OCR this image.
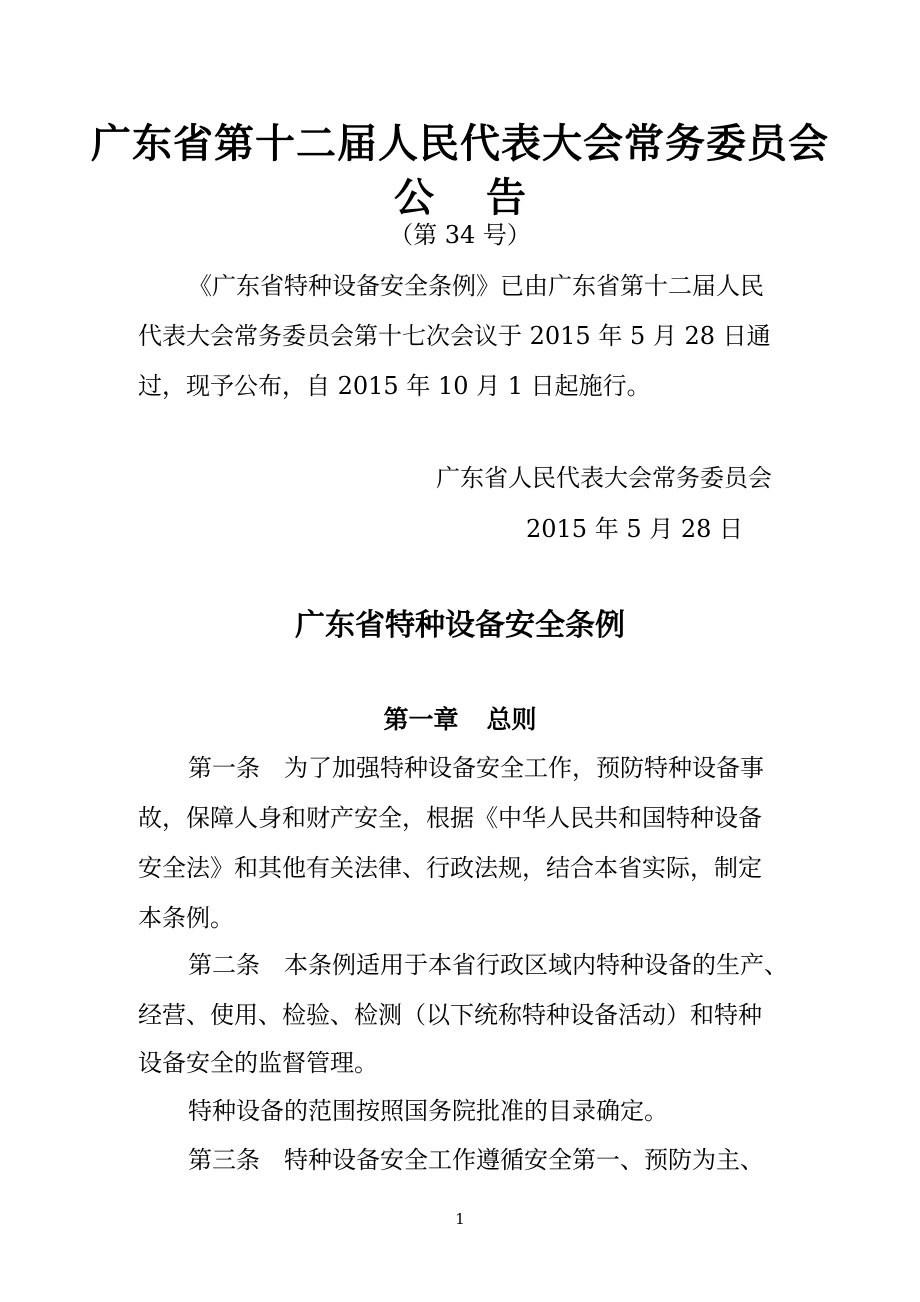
广东省第十二届人民代表大会常务委员会
公 告
（第 34 号）

《广东省特种设备安全条例》已由广东省第十二届人民

代表大会常务委员会第十七次会议于 2015 年 5 月 28 日通

过，现予公布，自 2015 年 10 月 1 日起施行。

广东省人民代表大会常务委员会
2015 年 5 月 28 日
广东省特种设备安全条例
第一章 总则

第一条 为了加强特种设备安全工作，预防特种设备事

故，保障人身和财产安全，根据《中华人民共和国特种设备

安全法》和其他有关法律、行政法规，结合本省实际，制定

本条例。

第二条 本条例适用于本省行政区域内特种设备的生产、

经营、使用、检验、检测（以下统称特种设备活动）和特种

设备安全的监督管理。

特种设备的范围按照国务院批准的目录确定。

第三条 特种设备安全工作遵循安全第一、预防为主、

1
